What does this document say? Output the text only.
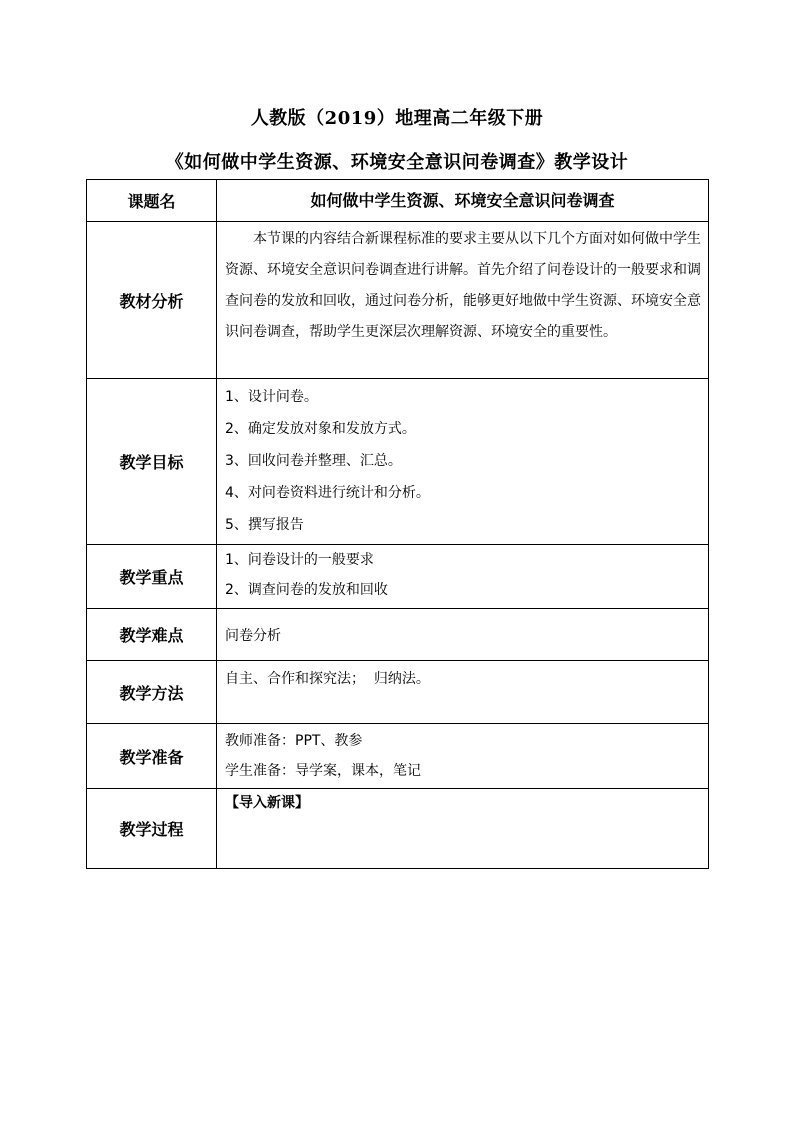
人教版（2019）地理高二年级下册
《如何做中学生资源、环境安全意识问卷调查》教学设计
课题名	如何做中学生资源、环境安全意识问卷调查
教材分析	本节课的内容结合新课程标准的要求主要从以下几个方面对如何做中学生资源、环境安全意识问卷调查进行讲解。首先介绍了问卷设计的一般要求和调查问卷的发放和回收，通过问卷分析，能够更好地做中学生资源、环境安全意识问卷调查，帮助学生更深层次理解资源、环境安全的重要性。

教学目标	1、设计问卷。
2、确定发放对象和发放方式。
3、回收问卷并整理、汇总。
4、对问卷资料进行统计和分析。
5、撰写报告

教学重点	1、问卷设计的一般要求
2、调查问卷的发放和回收

教学难点	问卷分析
教学方法	自主、合作和探究法；  归纳法。
教学准备	教师准备：PPT、教参
学生准备：导学案，课本，笔记

教学过程	【导入新课】
